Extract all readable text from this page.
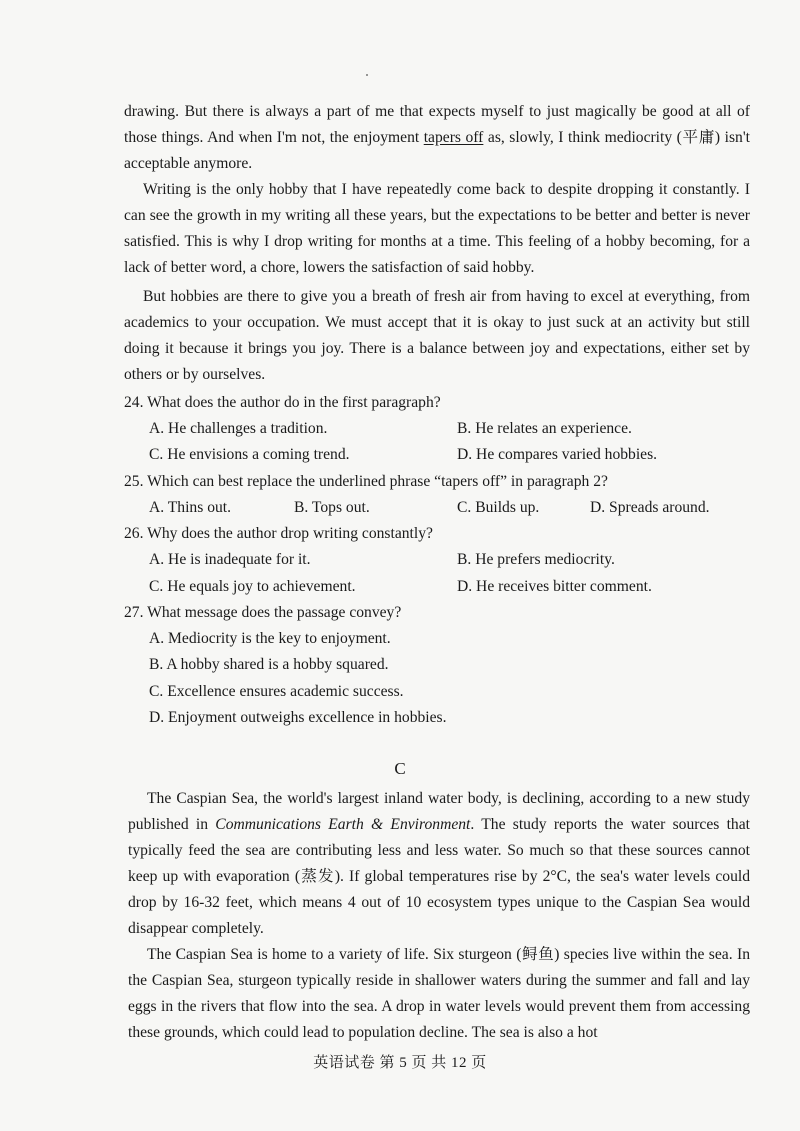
drawing. But there is always a part of me that expects myself to just magically be good at all of those things. And when I'm not, the enjoyment tapers off as, slowly, I think mediocrity (平庸) isn't acceptable anymore.

Writing is the only hobby that I have repeatedly come back to despite dropping it constantly. I can see the growth in my writing all these years, but the expectations to be better and better is never satisfied. This is why I drop writing for months at a time. This feeling of a hobby becoming, for a lack of better word, a chore, lowers the satisfaction of said hobby.

But hobbies are there to give you a breath of fresh air from having to excel at everything, from academics to your occupation. We must accept that it is okay to just suck at an activity but still doing it because it brings you joy. There is a balance between joy and expectations, either set by others or by ourselves.

24. What does the author do in the first paragraph?

A. He challenges a tradition.	B. He relates an experience.
C. He envisions a coming trend.	D. He compares varied hobbies.

25. Which can best replace the underlined phrase “tapers off” in paragraph 2?

A. Thins out.	B. Tops out.	C. Builds up.	D. Spreads around.

26. Why does the author drop writing constantly?

A. He is inadequate for it.	B. He prefers mediocrity.
C. He equals joy to achievement.	D. He receives bitter comment.

27. What message does the passage convey?

A. Mediocrity is the key to enjoyment.
B. A hobby shared is a hobby squared.
C. Excellence ensures academic success.
D. Enjoyment outweighs excellence in hobbies.
C

The Caspian Sea, the world's largest inland water body, is declining, according to a new study published in Communications Earth & Environment. The study reports the water sources that typically feed the sea are contributing less and less water. So much so that these sources cannot keep up with evaporation (蒸发). If global temperatures rise by 2°C, the sea's water levels could drop by 16-32 feet, which means 4 out of 10 ecosystem types unique to the Caspian Sea would disappear completely.

The Caspian Sea is home to a variety of life. Six sturgeon (鲟鱼) species live within the sea. In the Caspian Sea, sturgeon typically reside in shallower waters during the summer and fall and lay eggs in the rivers that flow into the sea. A drop in water levels would prevent them from accessing these grounds, which could lead to population decline. The sea is also a hot

英语试卷 第 5 页 共 12 页
